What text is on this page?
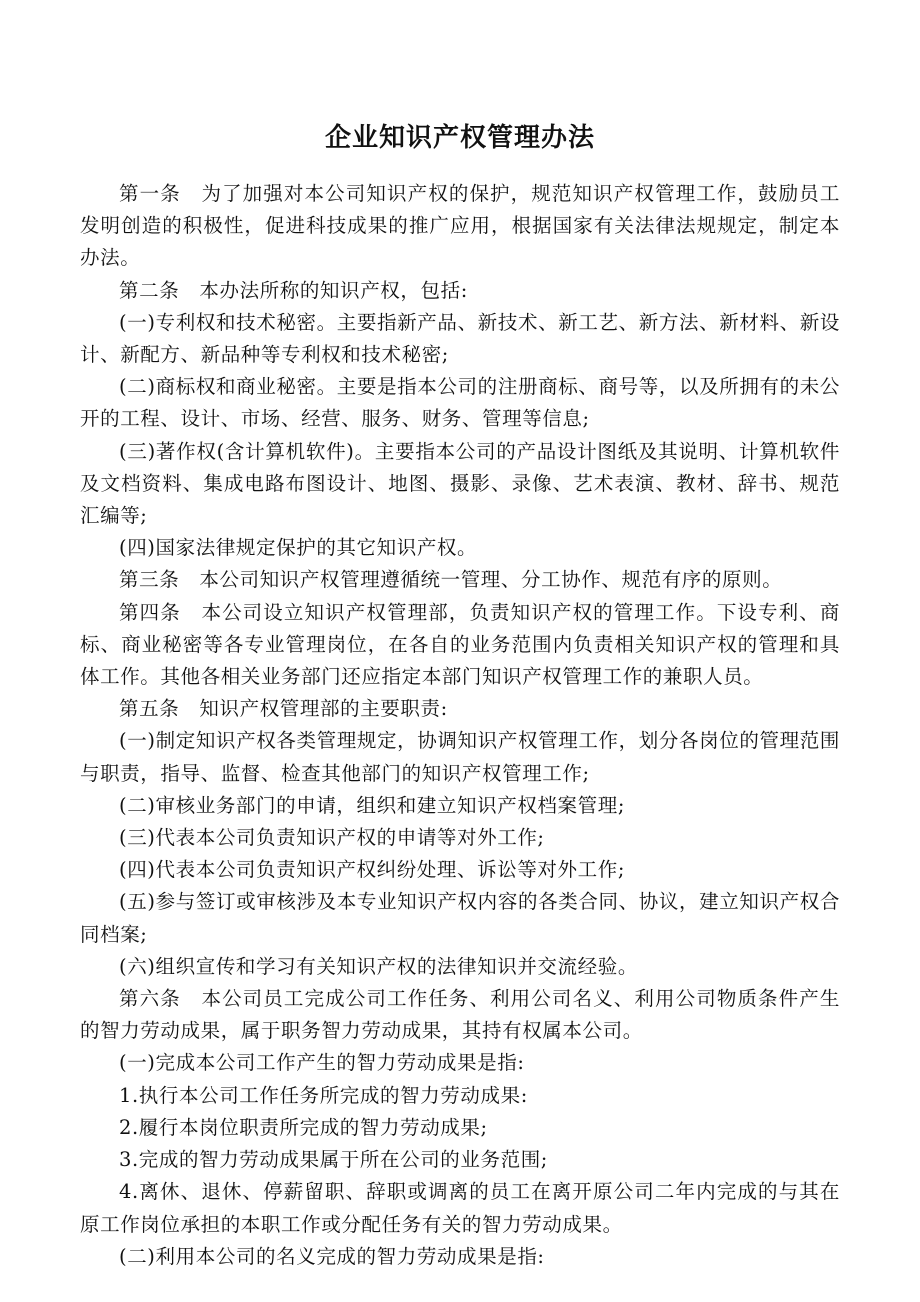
企业知识产权管理办法

第一条　为了加强对本公司知识产权的保护，规范知识产权管理工作，鼓励员工发明创造的积极性，促进科技成果的推广应用，根据国家有关法律法规规定，制定本办法。

第二条　本办法所称的知识产权，包括:

(一)专利权和技术秘密。主要指新产品、新技术、新工艺、新方法、新材料、新设计、新配方、新品种等专利权和技术秘密;

(二)商标权和商业秘密。主要是指本公司的注册商标、商号等，以及所拥有的未公开的工程、设计、市场、经营、服务、财务、管理等信息;

(三)著作权(含计算机软件)。主要指本公司的产品设计图纸及其说明、计算机软件及文档资料、集成电路布图设计、地图、摄影、录像、艺术表演、教材、辞书、规范汇编等;

(四)国家法律规定保护的其它知识产权。

第三条　本公司知识产权管理遵循统一管理、分工协作、规范有序的原则。

第四条　本公司设立知识产权管理部，负责知识产权的管理工作。下设专利、商标、商业秘密等各专业管理岗位，在各自的业务范围内负责相关知识产权的管理和具体工作。其他各相关业务部门还应指定本部门知识产权管理工作的兼职人员。

第五条　知识产权管理部的主要职责:

(一)制定知识产权各类管理规定，协调知识产权管理工作，划分各岗位的管理范围与职责，指导、监督、检查其他部门的知识产权管理工作;

(二)审核业务部门的申请，组织和建立知识产权档案管理;

(三)代表本公司负责知识产权的申请等对外工作;

(四)代表本公司负责知识产权纠纷处理、诉讼等对外工作;

(五)参与签订或审核涉及本专业知识产权内容的各类合同、协议，建立知识产权合同档案;

(六)组织宣传和学习有关知识产权的法律知识并交流经验。

第六条　本公司员工完成公司工作任务、利用公司名义、利用公司物质条件产生的智力劳动成果，属于职务智力劳动成果，其持有权属本公司。

(一)完成本公司工作产生的智力劳动成果是指:

1.执行本公司工作任务所完成的智力劳动成果:

2.履行本岗位职责所完成的智力劳动成果;

3.完成的智力劳动成果属于所在公司的业务范围;

4.离休、退休、停薪留职、辞职或调离的员工在离开原公司二年内完成的与其在原工作岗位承担的本职工作或分配任务有关的智力劳动成果。

(二)利用本公司的名义完成的智力劳动成果是指:
